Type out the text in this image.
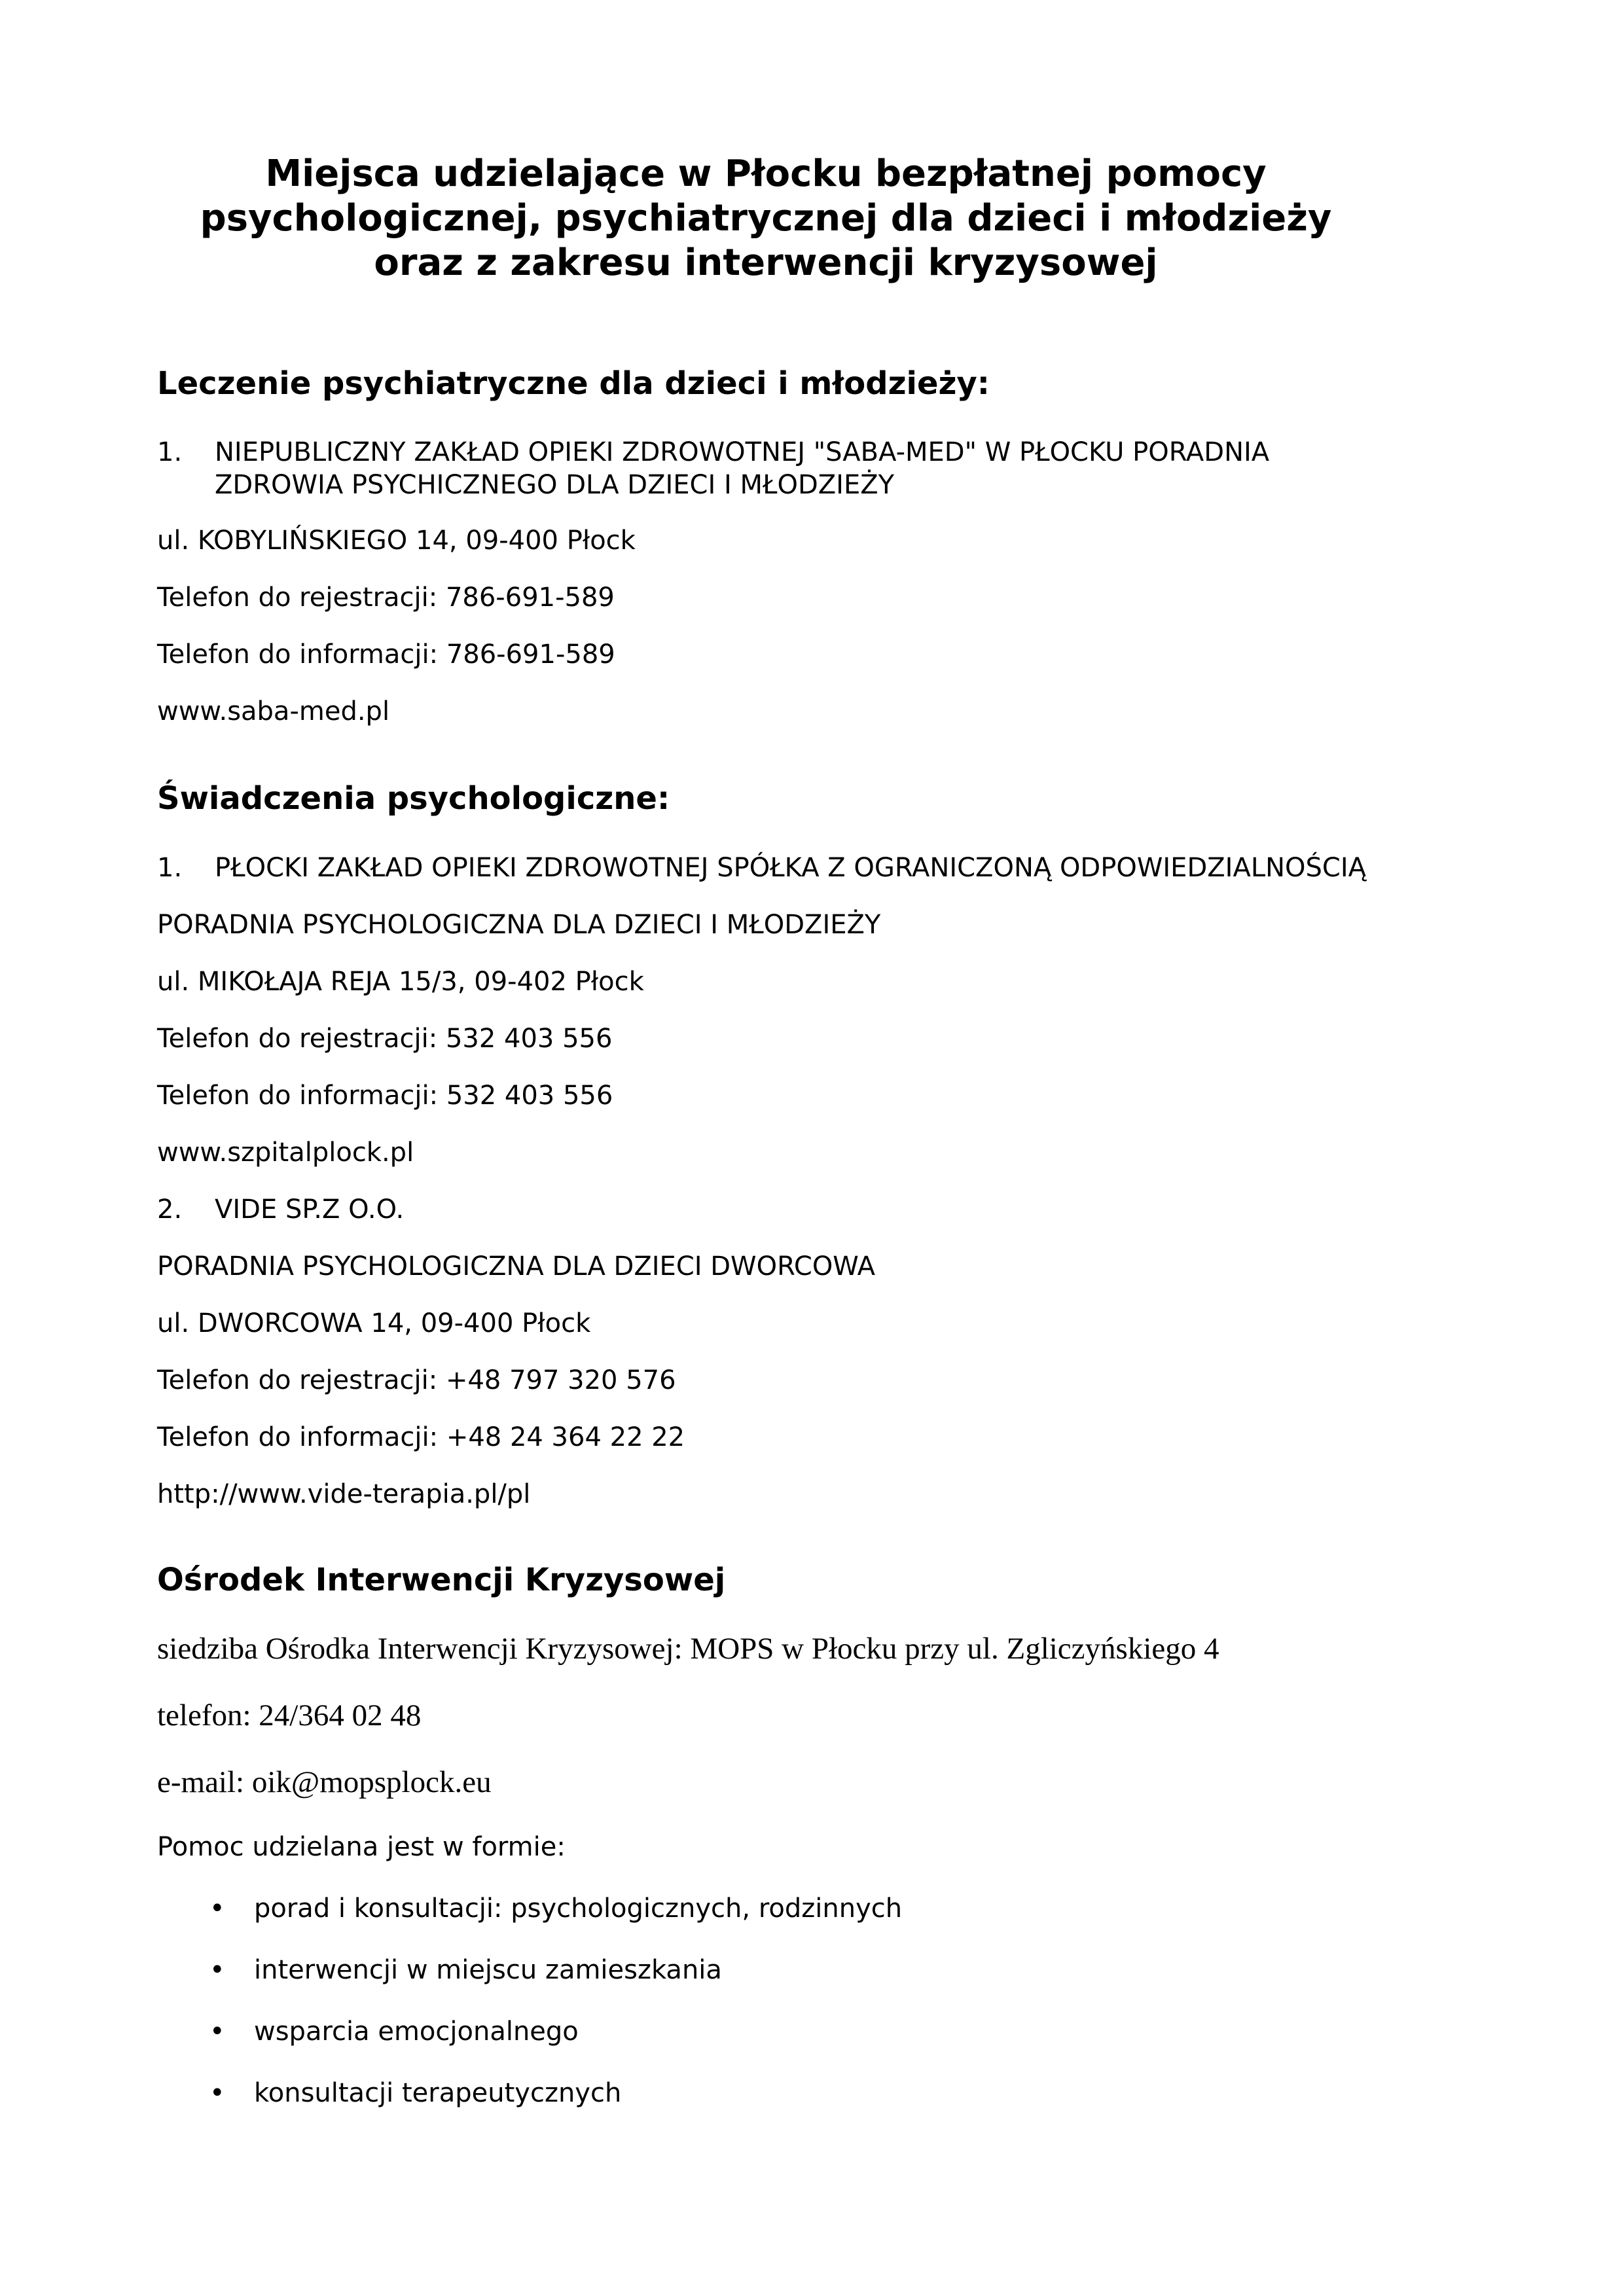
Miejsca udzielające w Płocku bezpłatnej pomocy
psychologicznej, psychiatrycznej dla dzieci i młodzieży
oraz z zakresu interwencji kryzysowej
Leczenie psychiatryczne dla dzieci i młodzieży:
1. NIEPUBLICZNY ZAKŁAD OPIEKI ZDROWOTNEJ "SABA-MED" W PŁOCKU PORADNIA
ZDROWIA PSYCHICZNEGO DLA DZIECI I MŁODZIEŻY

ul. KOBYLIŃSKIEGO 14, 09-400 Płock

Telefon do rejestracji: 786-691-589

Telefon do informacji: 786-691-589

www.saba-med.pl

Świadczenia psychologiczne:
1. PŁOCKI ZAKŁAD OPIEKI ZDROWOTNEJ SPÓŁKA Z OGRANICZONĄ ODPOWIEDZIALNOŚCIĄ

PORADNIA PSYCHOLOGICZNA DLA DZIECI I MŁODZIEŻY

ul. MIKOŁAJA REJA 15/3, 09-402 Płock

Telefon do rejestracji: 532 403 556

Telefon do informacji: 532 403 556

www.szpitalplock.pl

2. VIDE SP.Z O.O.

PORADNIA PSYCHOLOGICZNA DLA DZIECI DWORCOWA

ul. DWORCOWA 14, 09-400 Płock

Telefon do rejestracji: +48 797 320 576

Telefon do informacji: +48 24 364 22 22

http://www.vide-terapia.pl/pl

Ośrodek Interwencji Kryzysowej

siedziba Ośrodka Interwencji Kryzysowej: MOPS w Płocku przy ul. Zgliczyńskiego 4

telefon: 24/364 02 48

e-mail: oik@mopsplock.eu

Pomoc udzielana jest w formie:

• porad i konsultacji: psychologicznych, rodzinnych
• interwencji w miejscu zamieszkania
• wsparcia emocjonalnego
• konsultacji terapeutycznych
